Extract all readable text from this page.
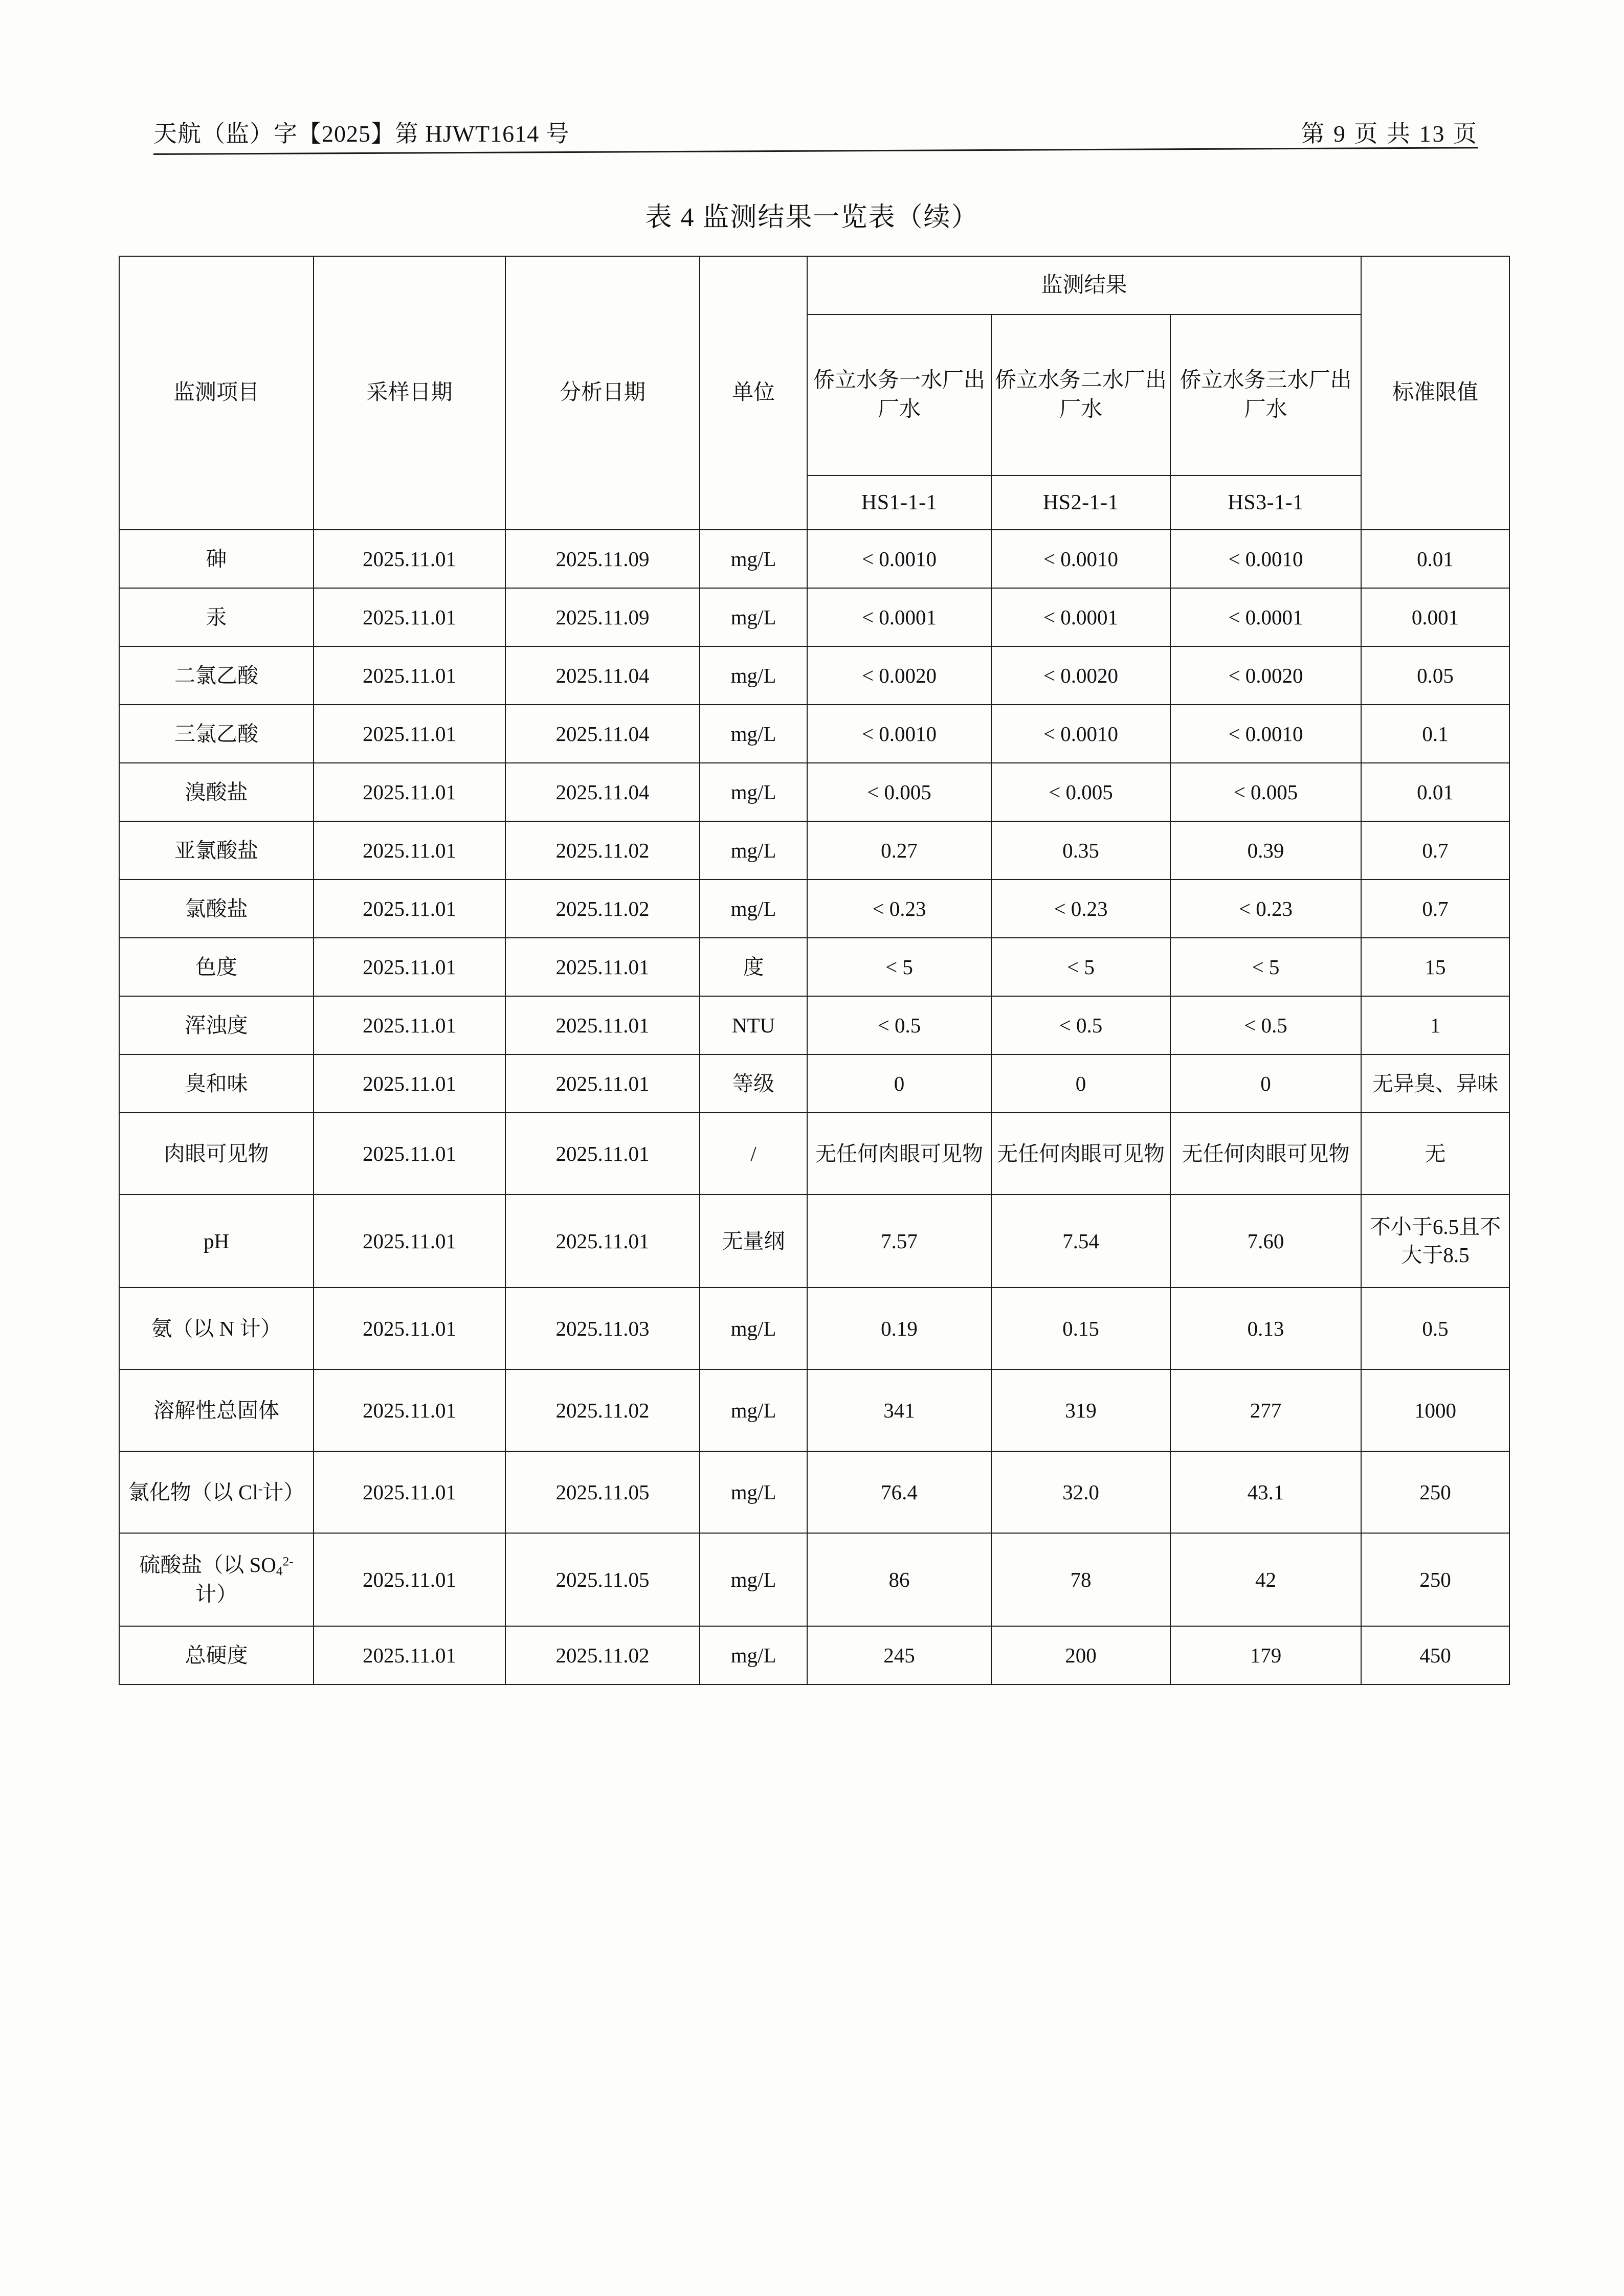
天航（监）字【2025】第 HJWT1614 号	第 9 页 共 13 页
表 4 监测结果一览表（续）
监测项目	采样日期	分析日期	单位	监测结果			标准限值
				侨立水务一水厂出厂水	侨立水务二水厂出厂水	侨立水务三水厂出厂水	
				HS1-1-1	HS2-1-1	HS3-1-1	
砷	2025.11.01	2025.11.09	mg/L	< 0.0010	< 0.0010	< 0.0010	0.01
汞	2025.11.01	2025.11.09	mg/L	< 0.0001	< 0.0001	< 0.0001	0.001
二氯乙酸	2025.11.01	2025.11.04	mg/L	< 0.0020	< 0.0020	< 0.0020	0.05
三氯乙酸	2025.11.01	2025.11.04	mg/L	< 0.0010	< 0.0010	< 0.0010	0.1
溴酸盐	2025.11.01	2025.11.04	mg/L	< 0.005	< 0.005	< 0.005	0.01
亚氯酸盐	2025.11.01	2025.11.02	mg/L	0.27	0.35	0.39	0.7
氯酸盐	2025.11.01	2025.11.02	mg/L	< 0.23	< 0.23	< 0.23	0.7
色度	2025.11.01	2025.11.01	度	< 5	< 5	< 5	15
浑浊度	2025.11.01	2025.11.01	NTU	< 0.5	< 0.5	< 0.5	1
臭和味	2025.11.01	2025.11.01	等级	0	0	0	无异臭、异味
肉眼可见物	2025.11.01	2025.11.01	/	无任何肉眼可见物	无任何肉眼可见物	无任何肉眼可见物	无
pH	2025.11.01	2025.11.01	无量纲	7.57	7.54	7.60	不小于6.5且不大于8.5
氨（以 N 计）	2025.11.01	2025.11.03	mg/L	0.19	0.15	0.13	0.5
溶解性总固体	2025.11.01	2025.11.02	mg/L	341	319	277	1000
氯化物（以 Cl-计）	2025.11.01	2025.11.05	mg/L	76.4	32.0	43.1	250
硫酸盐（以 $SO_4^{2-}$计）	2025.11.01	2025.11.05	mg/L	86	78	42	250
总硬度	2025.11.01	2025.11.02	mg/L	245	200	179	450
